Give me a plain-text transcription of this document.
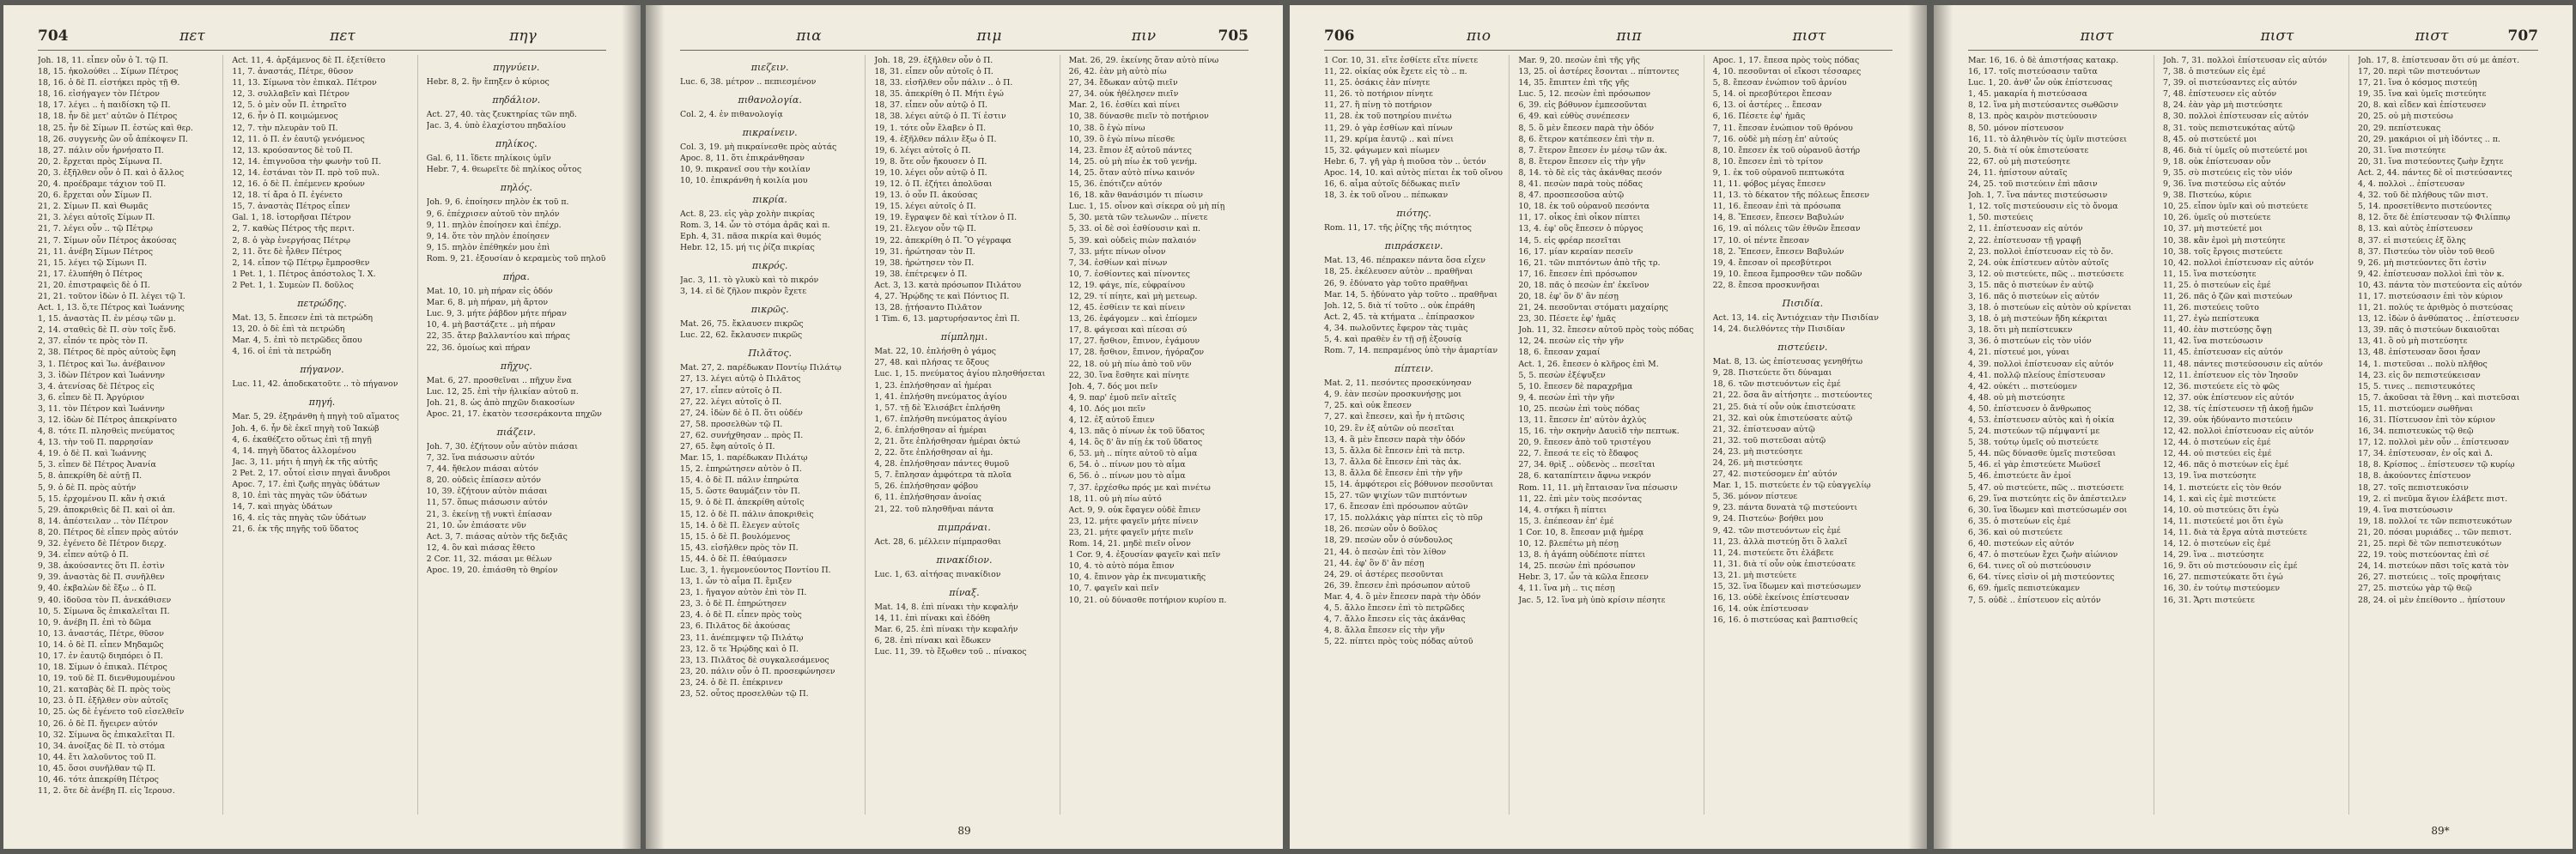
704	πετ	πετ	πηγ
Joh. 18, 11. εἶπεν οὖν ὁ Ἰ. τῷ Π.
18, 15. ἠκολούθει .. Σίμων Πέτρος
18, 16. ὁ δὲ Π. εἱστήκει πρὸς τῇ Θ.
18, 16. εἰσήγαγεν τὸν Πέτρον
18, 17. λέγει .. ἡ παιδίσκη τῷ Π.
18, 18. ἦν δὲ μετ' αὐτῶν ὁ Πέτρος
18, 25. ἦν δὲ Σίμων Π. ἑστὼς καὶ θερ.
18, 26. συγγενὴς ὢν οὗ ἀπέκοψεν Π.
18, 27. πάλιν οὖν ἠρνήσατο Π.
20, 2. ἔρχεται πρὸς Σίμωνα Π.
20, 3. ἐξῆλθεν οὖν ὁ Π. καὶ ὁ ἄλλος
20, 4. προέδραμε τάχιον τοῦ Π.
20, 6. ἔρχεται οὖν Σίμων Π.
21, 2. Σίμων Π. καὶ Θωμᾶς
21, 3. λέγει αὐτοῖς Σίμων Π.
21, 7. λέγει οὖν .. τῷ Πέτρῳ
21, 7. Σίμων οὖν Πέτρος ἀκούσας
21, 11. ἀνέβη Σίμων Πέτρος
21, 15. λέγει τῷ Σίμωνι Π.
21, 17. ἐλυπήθη ὁ Πέτρος
21, 20. ἐπιστραφεὶς δὲ ὁ Π.
21, 21. τοῦτον ἰδὼν ὁ Π. λέγει τῷ Ἰ.
Act. 1, 13. ὅ,τε Πέτρος καὶ Ἰωάννης
1, 15. ἀναστὰς Π. ἐν μέσῳ τῶν μ.
2, 14. σταθεὶς δὲ Π. σὺν τοῖς ἕνδ.
2, 37. εἶπόν τε πρὸς τὸν Π.
2, 38. Πέτρος δὲ πρὸς αὐτοὺς ἔφη
3, 1. Πέτρος καὶ Ἰω. ἀνέβαινον
3, 3. ἰδὼν Πέτρον καὶ Ἰωάννην
3, 4. ἀτενίσας δὲ Πέτρος εἰς
3, 6. εἶπεν δὲ Π. Ἀργύριον
3, 11. τὸν Πέτρον καὶ Ἰωάννην
3, 12. ἰδὼν δὲ Πέτρος ἀπεκρίνατο
4, 8. τότε Π. πλησθεὶς πνεύματος
4, 13. τὴν τοῦ Π. παρρησίαν
4, 19. ὁ δὲ Π. καὶ Ἰωάννης
5, 3. εἶπεν δὲ Πέτρος Ἀνανία
5, 8. ἀπεκρίθη δὲ αὐτῇ Π.
5, 9. ὁ δὲ Π. πρὸς αὐτήν
5, 15. ἐρχομένου Π. κἂν ἡ σκιά
5, 29. ἀποκριθεὶς δὲ Π. καὶ οἱ ἀπ.
8, 14. ἀπέστειλαν .. τὸν Πέτρον
8, 20. Πέτρος δὲ εἶπεν πρὸς αὐτόν
9, 32. ἐγένετο δὲ Πέτρον διερχ.
9, 34. εἶπεν αὐτῷ ὁ Π.
9, 38. ἀκούσαντες ὅτι Π. ἐστὶν
9, 39. ἀναστὰς δὲ Π. συνῆλθεν
9, 40. ἐκβαλὼν δὲ ἔξω .. ὁ Π.
9, 40. ἰδοῦσα τὸν Π. ἀνεκάθισεν
10, 5. Σίμωνα ὃς ἐπικαλεῖται Π.
10, 9. ἀνέβη Π. ἐπὶ τὸ δῶμα
10, 13. ἀναστάς, Πέτρε, θῦσον
10, 14. ὁ δὲ Π. εἶπεν Μηδαμῶς
10, 17. ἐν ἑαυτῷ διηπόρει ὁ Π.
10, 18. Σίμων ὁ ἐπικαλ. Πέτρος
10, 19. τοῦ δὲ Π. διενθυμουμένου
10, 21. καταβὰς δὲ Π. πρὸς τοὺς
10, 23. ὁ Π. ἐξῆλθεν σὺν αὐτοῖς
10, 25. ὡς δὲ ἐγένετο τοῦ εἰσελθεῖν
10, 26. ὁ δὲ Π. ἤγειρεν αὐτόν
10, 32. Σίμωνα ὃς ἐπικαλεῖται Π.
10, 34. ἀνοίξας δὲ Π. τὸ στόμα
10, 44. ἔτι λαλοῦντος τοῦ Π.
10, 45. ὅσοι συνῆλθαν τῷ Π.
10, 46. τότε ἀπεκρίθη Πέτρος
11, 2. ὅτε δὲ ἀνέβη Π. εἰς Ἱερουσ.
Act. 11, 4. ἀρξάμενος δὲ Π. ἐξετίθετο
11, 7. ἀναστάς, Πέτρε, θῦσον
11, 13. Σίμωνα τὸν ἐπικαλ. Πέτρον
12, 3. συλλαβεῖν καὶ Πέτρον
12, 5. ὁ μὲν οὖν Π. ἐτηρεῖτο
12, 6. ἦν ὁ Π. κοιμώμενος
12, 7. τὴν πλευρὰν τοῦ Π.
12, 11. ὁ Π. ἐν ἑαυτῷ γενόμενος
12, 13. κρούσαντος δὲ τοῦ Π.
12, 14. ἐπιγνοῦσα τὴν φωνὴν τοῦ Π.
12, 14. ἑστάναι τὸν Π. πρὸ τοῦ πυλ.
12, 16. ὁ δὲ Π. ἐπέμενεν κρούων
12, 18. τί ἄρα ὁ Π. ἐγένετο
15, 7. ἀναστὰς Πέτρος εἶπεν
Gal. 1, 18. ἱστορῆσαι Πέτρον
2, 7. καθὼς Πέτρος τῆς περιτ.
2, 8. ὁ γὰρ ἐνεργήσας Πέτρῳ
2, 11. ὅτε δὲ ἦλθεν Πέτρος
2, 14. εἶπον τῷ Πέτρῳ ἔμπροσθεν
1 Pet. 1, 1. Πέτρος ἀπόστολος Ἰ. Χ.
2 Pet. 1, 1. Συμεὼν Π. δοῦλος
πετρώδης.
Mat. 13, 5. ἔπεσεν ἐπὶ τὰ πετρώδη
13, 20. ὁ δὲ ἐπὶ τὰ πετρώδη
Mar. 4, 5. ἐπὶ τὸ πετρῶδες ὅπου
4, 16. οἱ ἐπὶ τὰ πετρώδη
πήγανον.
Luc. 11, 42. ἀποδεκατοῦτε .. τὸ πήγανον
πηγή.
Mar. 5, 29. ἐξηράνθη ἡ πηγὴ τοῦ αἵματος
Joh. 4, 6. ἦν δὲ ἐκεῖ πηγὴ τοῦ Ἰακώβ
4, 6. ἐκαθέζετο οὕτως ἐπὶ τῇ πηγῇ
4, 14. πηγὴ ὕδατος ἁλλομένου
Jac. 3, 11. μήτι ἡ πηγὴ ἐκ τῆς αὐτῆς
2 Pet. 2, 17. οὗτοί εἰσιν πηγαὶ ἄνυδροι
Apoc. 7, 17. ἐπὶ ζωῆς πηγὰς ὑδάτων
8, 10. ἐπὶ τὰς πηγὰς τῶν ὑδάτων
14, 7. καὶ πηγὰς ὑδάτων
16, 4. εἰς τὰς πηγὰς τῶν ὑδάτων
21, 6. ἐκ τῆς πηγῆς τοῦ ὕδατος
πηγνύειν.
Hebr. 8, 2. ἣν ἔπηξεν ὁ κύριος
πηδάλιον.
Act. 27, 40. τὰς ζευκτηρίας τῶν πηδ.
Jac. 3, 4. ὑπὸ ἐλαχίστου πηδαλίου
πηλίκος.
Gal. 6, 11. ἴδετε πηλίκοις ὑμῖν
Hebr. 7, 4. θεωρεῖτε δὲ πηλίκος οὗτος
πηλός.
Joh. 9, 6. ἐποίησεν πηλὸν ἐκ τοῦ π.
9, 6. ἐπέχρισεν αὐτοῦ τὸν πηλόν
9, 11. πηλὸν ἐποίησεν καὶ ἐπέχρ.
9, 14. ὅτε τὸν πηλὸν ἐποίησεν
9, 15. πηλὸν ἐπέθηκέν μου ἐπὶ
Rom. 9, 21. ἐξουσίαν ὁ κεραμεὺς τοῦ πηλοῦ
πήρα.
Mat. 10, 10. μὴ πήραν εἰς ὁδόν
Mar. 6, 8. μὴ πήραν, μὴ ἄρτον
Luc. 9, 3. μήτε ῥάβδον μήτε πήραν
10, 4. μὴ βαστάζετε .. μὴ πήραν
22, 35. ἄτερ βαλλαντίου καὶ πήρας
22, 36. ὁμοίως καὶ πήραν
πῆχυς.
Mat. 6, 27. προσθεῖναι .. πῆχυν ἕνα
Luc. 12, 25. ἐπὶ τὴν ἡλικίαν αὐτοῦ π.
Joh. 21, 8. ὡς ἀπὸ πηχῶν διακοσίων
Apoc. 21, 17. ἑκατὸν τεσσεράκοντα πηχῶν
πιάζειν.
Joh. 7, 30. ἐζήτουν οὖν αὐτὸν πιάσαι
7, 32. ἵνα πιάσωσιν αὐτόν
7, 44. ἤθελον πιάσαι αὐτόν
8, 20. οὐδεὶς ἐπίασεν αὐτόν
10, 39. ἐζήτουν αὐτὸν πιάσαι
11, 57. ὅπως πιάσωσιν αὐτόν
21, 3. ἐκείνῃ τῇ νυκτὶ ἐπίασαν
21, 10. ὧν ἐπιάσατε νῦν
Act. 3, 7. πιάσας αὐτὸν τῆς δεξιᾶς
12, 4. ὃν καὶ πιάσας ἔθετο
2 Cor. 11, 32. πιάσαι με θέλων
Apoc. 19, 20. ἐπιάσθη τὸ θηρίον
πια	πιμ	πιν	705
πιεζειν.
Luc. 6, 38. μέτρον .. πεπιεσμένον
πιθανολογία.
Col. 2, 4. ἐν πιθανολογίᾳ
πικραίνειν.
Col. 3, 19. μὴ πικραίνεσθε πρὸς αὐτάς
Apoc. 8, 11. ὅτι ἐπικράνθησαν
10, 9. πικρανεῖ σου τὴν κοιλίαν
10, 10. ἐπικράνθη ἡ κοιλία μου
πικρία.
Act. 8, 23. εἰς γὰρ χολὴν πικρίας
Rom. 3, 14. ὧν τὸ στόμα ἀρᾶς καὶ π.
Eph. 4, 31. πᾶσα πικρία καὶ θυμός
Hebr. 12, 15. μή τις ῥίζα πικρίας
πικρός.
Jac. 3, 11. τὸ γλυκὺ καὶ τὸ πικρόν
3, 14. εἰ δὲ ζῆλον πικρὸν ἔχετε
πικρῶς.
Mat. 26, 75. ἔκλαυσεν πικρῶς
Luc. 22, 62. ἔκλαυσεν πικρῶς
Πιλᾶτος.
Mat. 27, 2. παρέδωκαν Ποντίῳ Πιλάτῳ
27, 13. λέγει αὐτῷ ὁ Πιλᾶτος
27, 17. εἶπεν αὐτοῖς ὁ Π.
27, 22. λέγει αὐτοῖς ὁ Π.
27, 24. ἰδὼν δὲ ὁ Π. ὅτι οὐδέν
27, 58. προσελθὼν τῷ Π.
27, 62. συνήχθησαν .. πρὸς Π.
27, 65. ἔφη αὐτοῖς ὁ Π.
Mar. 15, 1. παρέδωκαν Πιλάτῳ
15, 2. ἐπηρώτησεν αὐτὸν ὁ Π.
15, 4. ὁ δὲ Π. πάλιν ἐπηρώτα
15, 5. ὥστε θαυμάζειν τὸν Π.
15, 9. ὁ δὲ Π. ἀπεκρίθη αὐτοῖς
15, 12. ὁ δὲ Π. πάλιν ἀποκριθεὶς
15, 14. ὁ δὲ Π. ἔλεγεν αὐτοῖς
15, 15. ὁ δὲ Π. βουλόμενος
15, 43. εἰσῆλθεν πρὸς τὸν Π.
15, 44. ὁ δὲ Π. ἐθαύμασεν
Luc. 3, 1. ἡγεμονεύοντος Ποντίου Π.
13, 1. ὧν τὸ αἷμα Π. ἔμιξεν
23, 1. ἤγαγον αὐτὸν ἐπὶ τὸν Π.
23, 3. ὁ δὲ Π. ἐπηρώτησεν
23, 4. ὁ δὲ Π. εἶπεν πρὸς τοὺς
23, 6. Πιλᾶτος δὲ ἀκούσας
23, 11. ἀνέπεμψεν τῷ Πιλάτῳ
23, 12. ὅ τε Ἡρῴδης καὶ ὁ Π.
23, 13. Πιλᾶτος δὲ συγκαλεσάμενος
23, 20. πάλιν οὖν ὁ Π. προσεφώνησεν
23, 24. ὁ δὲ Π. ἐπέκρινεν
23, 52. οὗτος προσελθὼν τῷ Π.
Joh. 18, 29. ἐξῆλθεν οὖν ὁ Π.
18, 31. εἶπεν οὖν αὐτοῖς ὁ Π.
18, 33. εἰσῆλθεν οὖν πάλιν .. ὁ Π.
18, 35. ἀπεκρίθη ὁ Π. Μήτι ἐγώ
18, 37. εἶπεν οὖν αὐτῷ ὁ Π.
18, 38. λέγει αὐτῷ ὁ Π. Τί ἐστιν
19, 1. τότε οὖν ἔλαβεν ὁ Π.
19, 4. ἐξῆλθεν πάλιν ἔξω ὁ Π.
19, 6. λέγει αὐτοῖς ὁ Π.
19, 8. ὅτε οὖν ἤκουσεν ὁ Π.
19, 10. λέγει οὖν αὐτῷ ὁ Π.
19, 12. ὁ Π. ἐζήτει ἀπολῦσαι
19, 13. ὁ οὖν Π. ἀκούσας
19, 15. λέγει αὐτοῖς ὁ Π.
19, 19. ἔγραψεν δὲ καὶ τίτλον ὁ Π.
19, 21. ἔλεγον οὖν τῷ Π.
19, 22. ἀπεκρίθη ὁ Π. Ὃ γέγραφα
19, 31. ἠρώτησαν τὸν Π.
19, 38. ἠρώτησεν τὸν Π.
19, 38. ἐπέτρεψεν ὁ Π.
Act. 3, 13. κατὰ πρόσωπον Πιλάτου
4, 27. Ἡρῴδης τε καὶ Πόντιος Π.
13, 28. ᾐτήσαντο Πιλᾶτον
1 Tim. 6, 13. μαρτυρήσαντος ἐπὶ Π.
πίμπλημι.
Mat. 22, 10. ἐπλήσθη ὁ γάμος
27, 48. καὶ πλήσας τε ὄξους
Luc. 1, 15. πνεύματος ἁγίου πλησθήσεται
1, 23. ἐπλήσθησαν αἱ ἡμέραι
1, 41. ἐπλήσθη πνεύματος ἁγίου
1, 57. τῇ δὲ Ἐλισάβετ ἐπλήσθη
1, 67. ἐπλήσθη πνεύματος ἁγίου
2, 6. ἐπλήσθησαν αἱ ἡμέραι
2, 21. ὅτε ἐπλήσθησαν ἡμέραι ὀκτώ
2, 22. ὅτε ἐπλήσθησαν αἱ ἡμ.
4, 28. ἐπλήσθησαν πάντες θυμοῦ
5, 7. ἔπλησαν ἀμφότερα τὰ πλοῖα
5, 26. ἐπλήσθησαν φόβου
6, 11. ἐπλήσθησαν ἀνοίας
21, 22. τοῦ πλησθῆναι πάντα
πιμπράναι.
Act. 28, 6. μέλλειν πίμπρασθαι
πινακίδιον.
Luc. 1, 63. αἰτήσας πινακίδιον
πίναξ.
Mat. 14, 8. ἐπὶ πίνακι τὴν κεφαλήν
14, 11. ἐπὶ πίνακι καὶ ἐδόθη
Mar. 6, 25. ἐπὶ πίνακι τὴν κεφαλήν
6, 28. ἐπὶ πίνακι καὶ ἔδωκεν
Luc. 11, 39. τὸ ἔξωθεν τοῦ .. πίνακος
Mat. 26, 29. ἐκείνης ὅταν αὐτὸ πίνω
26, 42. ἐὰν μὴ αὐτὸ πίω
27, 34. ἔδωκαν αὐτῷ πιεῖν
27, 34. οὐκ ἠθέλησεν πιεῖν
Mar. 2, 16. ἐσθίει καὶ πίνει
10, 38. δύνασθε πιεῖν τὸ ποτήριον
10, 38. ὃ ἐγὼ πίνω
10, 39. ὃ ἐγὼ πίνω πίεσθε
14, 23. ἔπιον ἐξ αὐτοῦ πάντες
14, 25. οὐ μὴ πίω ἐκ τοῦ γενήμ.
14, 25. ὅταν αὐτὸ πίνω καινόν
15, 36. ἐπότιζεν αὐτόν
16, 18. κἂν θανάσιμόν τι πίωσιν
Luc. 1, 15. οἶνον καὶ σίκερα οὐ μὴ πίῃ
5, 30. μετὰ τῶν τελωνῶν .. πίνετε
5, 33. οἱ δὲ σοὶ ἐσθίουσιν καὶ π.
5, 39. καὶ οὐδεὶς πιὼν παλαιόν
7, 33. μήτε πίνων οἶνον
7, 34. ἐσθίων καὶ πίνων
10, 7. ἐσθίοντες καὶ πίνοντες
12, 19. φάγε, πίε, εὐφραίνου
12, 29. τί πίητε, καὶ μὴ μετεωρ.
12, 45. ἐσθίειν τε καὶ πίνειν
13, 26. ἐφάγομεν .. καὶ ἐπίομεν
17, 8. φάγεσαι καὶ πίεσαι σύ
17, 27. ἤσθιον, ἔπινον, ἐγάμουν
17, 28. ἤσθιον, ἔπινον, ἠγόραζον
22, 18. οὐ μὴ πίω ἀπὸ τοῦ νῦν
22, 30. ἵνα ἔσθητε καὶ πίνητε
Joh. 4, 7. δός μοι πεῖν
4, 9. παρ' ἐμοῦ πεῖν αἰτεῖς
4, 10. Δός μοι πεῖν
4, 12. ἐξ αὐτοῦ ἔπιεν
4, 13. πᾶς ὁ πίνων ἐκ τοῦ ὕδατος
4, 14. ὃς δ' ἂν πίῃ ἐκ τοῦ ὕδατος
6, 53. μὴ .. πίητε αὐτοῦ τὸ αἷμα
6, 54. ὁ .. πίνων μου τὸ αἷμα
6, 56. ὁ .. πίνων μου τὸ αἷμα
7, 37. ἐρχέσθω πρός με καὶ πινέτω
18, 11. οὐ μὴ πίω αὐτό
Act. 9, 9. οὐκ ἔφαγεν οὐδὲ ἔπιεν
23, 12. μήτε φαγεῖν μήτε πίνειν
23, 21. μήτε φαγεῖν μήτε πιεῖν
Rom. 14, 21. μηδὲ πιεῖν οἶνον
1 Cor. 9, 4. ἐξουσίαν φαγεῖν καὶ πεῖν
10, 4. τὸ αὐτὸ πόμα ἔπιον
10, 4. ἔπινον γὰρ ἐκ πνευματικῆς
10, 7. φαγεῖν καὶ πεῖν
10, 21. οὐ δύνασθε ποτήριον κυρίου π.
89
706	πιο	πιπ	πιστ
1 Cor. 10, 31. εἴτε ἐσθίετε εἴτε πίνετε
11, 22. οἰκίας οὐκ ἔχετε εἰς τὸ .. π.
11, 25. ὁσάκις ἐὰν πίνητε
11, 26. τὸ ποτήριον πίνητε
11, 27. ἢ πίνῃ τὸ ποτήριον
11, 28. ἐκ τοῦ ποτηρίου πινέτω
11, 29. ὁ γὰρ ἐσθίων καὶ πίνων
11, 29. κρίμα ἑαυτῷ .. καὶ πίνει
15, 32. φάγωμεν καὶ πίωμεν
Hebr. 6, 7. γῆ γὰρ ἡ πιοῦσα τὸν .. ὑετόν
Apoc. 14, 10. καὶ αὐτὸς πίεται ἐκ τοῦ οἴνου
16, 6. αἷμα αὐτοῖς δέδωκας πιεῖν
18, 3. ἐκ τοῦ οἴνου .. πέπωκαν
πιότης.
Rom. 11, 17. τῆς ῥίζης τῆς πιότητος
πιπράσκειν.
Mat. 13, 46. πέπρακεν πάντα ὅσα εἶχεν
18, 25. ἐκέλευσεν αὐτὸν .. πραθῆναι
26, 9. ἐδύνατο γὰρ τοῦτο πραθῆναι
Mar. 14, 5. ἠδύνατο γὰρ τοῦτο .. πραθῆναι
Joh. 12, 5. διὰ τί τοῦτο .. οὐκ ἐπράθη
Act. 2, 45. τὰ κτήματα .. ἐπίπρασκον
4, 34. πωλοῦντες ἔφερον τὰς τιμὰς
5, 4. καὶ πραθὲν ἐν τῇ σῇ ἐξουσίᾳ
Rom. 7, 14. πεπραμένος ὑπὸ τὴν ἁμαρτίαν
πίπτειν.
Mat. 2, 11. πεσόντες προσεκύνησαν
4, 9. ἐὰν πεσὼν προσκυνήσῃς μοι
7, 25. καὶ οὐκ ἔπεσεν
7, 27. καὶ ἔπεσεν, καὶ ἦν ἡ πτῶσις
10, 29. ἓν ἐξ αὐτῶν οὐ πεσεῖται
13, 4. ἃ μὲν ἔπεσεν παρὰ τὴν ὁδόν
13, 5. ἄλλα δὲ ἔπεσεν ἐπὶ τὰ πετρ.
13, 7. ἄλλα δὲ ἔπεσεν ἐπὶ τὰς ἀκ.
13, 8. ἄλλα δὲ ἔπεσεν ἐπὶ τὴν γῆν
15, 14. ἀμφότεροι εἰς βόθυνον πεσοῦνται
15, 27. τῶν ψιχίων τῶν πιπτόντων
17, 6. ἔπεσαν ἐπὶ πρόσωπον αὐτῶν
17, 15. πολλάκις γὰρ πίπτει εἰς τὸ πῦρ
18, 26. πεσὼν οὖν ὁ δοῦλος
18, 29. πεσὼν οὖν ὁ σύνδουλος
21, 44. ὁ πεσὼν ἐπὶ τὸν λίθον
21, 44. ἐφ' ὃν δ' ἂν πέσῃ
24, 29. οἱ ἀστέρες πεσοῦνται
26, 39. ἔπεσεν ἐπὶ πρόσωπον αὐτοῦ
Mar. 4, 4. ὃ μὲν ἔπεσεν παρὰ τὴν ὁδόν
4, 5. ἄλλο ἔπεσεν ἐπὶ τὸ πετρῶδες
4, 7. ἄλλο ἔπεσεν εἰς τὰς ἀκάνθας
4, 8. ἄλλα ἔπεσεν εἰς τὴν γῆν
5, 22. πίπτει πρὸς τοὺς πόδας αὐτοῦ
Mar. 9, 20. πεσὼν ἐπὶ τῆς γῆς
13, 25. οἱ ἀστέρες ἔσονται .. πίπτοντες
14, 35. ἔπιπτεν ἐπὶ τῆς γῆς
Luc. 5, 12. πεσὼν ἐπὶ πρόσωπον
6, 39. εἰς βόθυνον ἐμπεσοῦνται
6, 49. καὶ εὐθὺς συνέπεσεν
8, 5. ὃ μὲν ἔπεσεν παρὰ τὴν ὁδόν
8, 6. ἕτερον κατέπεσεν ἐπὶ τὴν π.
8, 7. ἕτερον ἔπεσεν ἐν μέσῳ τῶν ἀκ.
8, 8. ἕτερον ἔπεσεν εἰς τὴν γῆν
8, 14. τὸ δὲ εἰς τὰς ἀκάνθας πεσόν
8, 41. πεσὼν παρὰ τοὺς πόδας
8, 47. προσπεσοῦσα αὐτῷ
10, 18. ἐκ τοῦ οὐρανοῦ πεσόντα
11, 17. οἶκος ἐπὶ οἶκον πίπτει
13, 4. ἐφ' οὓς ἔπεσεν ὁ πύργος
14, 5. εἰς φρέαρ πεσεῖται
16, 17. μίαν κεραίαν πεσεῖν
16, 21. τῶν πιπτόντων ἀπὸ τῆς τρ.
17, 16. ἔπεσεν ἐπὶ πρόσωπον
20, 18. πᾶς ὁ πεσὼν ἐπ' ἐκεῖνον
20, 18. ἐφ' ὃν δ' ἂν πέσῃ
21, 24. πεσοῦνται στόματι μαχαίρης
23, 30. Πέσετε ἐφ' ἡμᾶς
Joh. 11, 32. ἔπεσεν αὐτοῦ πρὸς τοὺς πόδας
12, 24. πεσὼν εἰς τὴν γῆν
18, 6. ἔπεσαν χαμαί
Act. 1, 26. ἔπεσεν ὁ κλῆρος ἐπὶ Μ.
5, 5. πεσὼν ἐξέψυξεν
5, 10. ἔπεσεν δὲ παραχρῆμα
9, 4. πεσὼν ἐπὶ τὴν γῆν
10, 25. πεσὼν ἐπὶ τοὺς πόδας
13, 11. ἔπεσεν ἐπ' αὐτὸν ἀχλύς
15, 16. τὴν σκηνὴν Δαυεὶδ τὴν πεπτωκ.
20, 9. ἔπεσεν ἀπὸ τοῦ τριστέγου
22, 7. ἔπεσά τε εἰς τὸ ἔδαφος
27, 34. θρὶξ .. οὐδενὸς .. πεσεῖται
28, 6. καταπίπτειν ἄφνω νεκρόν
Rom. 11, 11. μὴ ἔπταισαν ἵνα πέσωσιν
11, 22. ἐπὶ μὲν τοὺς πεσόντας
14, 4. στήκει ἢ πίπτει
15, 3. ἐπέπεσαν ἐπ' ἐμέ
1 Cor. 10, 8. ἔπεσαν μιᾷ ἡμέρᾳ
10, 12. βλεπέτω μὴ πέσῃ
13, 8. ἡ ἀγάπη οὐδέποτε πίπτει
14, 25. πεσὼν ἐπὶ πρόσωπον
Hebr. 3, 17. ὧν τὰ κῶλα ἔπεσεν
4, 11. ἵνα μὴ .. τις πέσῃ
Jac. 5, 12. ἵνα μὴ ὑπὸ κρίσιν πέσητε
Apoc. 1, 17. ἔπεσα πρὸς τοὺς πόδας
4, 10. πεσοῦνται οἱ εἴκοσι τέσσαρες
5, 8. ἔπεσαν ἐνώπιον τοῦ ἀρνίου
5, 14. οἱ πρεσβύτεροι ἔπεσαν
6, 13. οἱ ἀστέρες .. ἔπεσαν
6, 16. Πέσετε ἐφ' ἡμᾶς
7, 11. ἔπεσαν ἐνώπιον τοῦ θρόνου
7, 16. οὐδὲ μὴ πέσῃ ἐπ' αὐτούς
8, 10. ἔπεσεν ἐκ τοῦ οὐρανοῦ ἀστήρ
8, 10. ἔπεσεν ἐπὶ τὸ τρίτον
9, 1. ἐκ τοῦ οὐρανοῦ πεπτωκότα
11, 11. φόβος μέγας ἔπεσεν
11, 13. τὸ δέκατον τῆς πόλεως ἔπεσεν
11, 16. ἔπεσαν ἐπὶ τὰ πρόσωπα
14, 8. Ἔπεσεν, ἔπεσεν Βαβυλών
16, 19. αἱ πόλεις τῶν ἐθνῶν ἔπεσαν
17, 10. οἱ πέντε ἔπεσαν
18, 2. Ἔπεσεν, ἔπεσεν Βαβυλών
19, 4. ἔπεσαν οἱ πρεσβύτεροι
19, 10. ἔπεσα ἔμπροσθεν τῶν ποδῶν
22, 8. ἔπεσα προσκυνῆσαι
Πισιδία.
Act. 13, 14. εἰς Ἀντιόχειαν τὴν Πισιδίαν
14, 24. διελθόντες τὴν Πισιδίαν
πιστεύειν.
Mat. 8, 13. ὡς ἐπίστευσας γενηθήτω
9, 28. Πιστεύετε ὅτι δύναμαι
18, 6. τῶν πιστευόντων εἰς ἐμέ
21, 22. ὅσα ἂν αἰτήσητε .. πιστεύοντες
21, 25. διὰ τί οὖν οὐκ ἐπιστεύσατε
21, 32. καὶ οὐκ ἐπιστεύσατε αὐτῷ
21, 32. ἐπίστευσαν αὐτῷ
21, 32. τοῦ πιστεῦσαι αὐτῷ
24, 23. μὴ πιστεύσητε
24, 26. μὴ πιστεύσητε
27, 42. πιστεύσομεν ἐπ' αὐτόν
Mar. 1, 15. πιστεύετε ἐν τῷ εὐαγγελίῳ
5, 36. μόνον πίστευε
9, 23. πάντα δυνατὰ τῷ πιστεύοντι
9, 24. Πιστεύω· βοήθει μου
9, 42. τῶν πιστευόντων εἰς ἐμέ
11, 23. ἀλλὰ πιστεύῃ ὅτι ὃ λαλεῖ
11, 24. πιστεύετε ὅτι ἐλάβετε
11, 31. διὰ τί οὖν οὐκ ἐπιστεύσατε
13, 21. μὴ πιστεύετε
15, 32. ἵνα ἴδωμεν καὶ πιστεύσωμεν
16, 13. οὐδὲ ἐκείνοις ἐπίστευσαν
16, 14. οὐκ ἐπίστευσαν
16, 16. ὁ πιστεύσας καὶ βαπτισθείς
πιστ	πιστ	πιστ	707
Mar. 16, 16. ὁ δὲ ἀπιστήσας κατακρ.
16, 17. τοῖς πιστεύσασιν ταῦτα
Luc. 1, 20. ἀνθ' ὧν οὐκ ἐπίστευσας
1, 45. μακαρία ἡ πιστεύσασα
8, 12. ἵνα μὴ πιστεύσαντες σωθῶσιν
8, 13. πρὸς καιρὸν πιστεύουσιν
8, 50. μόνον πίστευσον
16, 11. τὸ ἀληθινὸν τίς ὑμῖν πιστεύσει
20, 5. διὰ τί οὐκ ἐπιστεύσατε
22, 67. οὐ μὴ πιστεύσητε
24, 11. ἠπίστουν αὐταῖς
24, 25. τοῦ πιστεύειν ἐπὶ πᾶσιν
Joh. 1, 7. ἵνα πάντες πιστεύσωσιν
1, 12. τοῖς πιστεύουσιν εἰς τὸ ὄνομα
1, 50. πιστεύεις
2, 11. ἐπίστευσαν εἰς αὐτόν
2, 22. ἐπίστευσαν τῇ γραφῇ
2, 23. πολλοὶ ἐπίστευσαν εἰς τὸ ὄν.
2, 24. οὐκ ἐπίστευεν αὐτὸν αὐτοῖς
3, 12. οὐ πιστεύετε, πῶς .. πιστεύσετε
3, 15. πᾶς ὁ πιστεύων ἐν αὐτῷ
3, 16. πᾶς ὁ πιστεύων εἰς αὐτόν
3, 18. ὁ πιστεύων εἰς αὐτὸν οὐ κρίνεται
3, 18. ὁ μὴ πιστεύων ἤδη κέκριται
3, 18. ὅτι μὴ πεπίστευκεν
3, 36. ὁ πιστεύων εἰς τὸν υἱόν
4, 21. πίστευέ μοι, γύναι
4, 39. πολλοὶ ἐπίστευσαν εἰς αὐτόν
4, 41. πολλῷ πλείους ἐπίστευσαν
4, 42. οὐκέτι .. πιστεύομεν
4, 48. οὐ μὴ πιστεύσητε
4, 50. ἐπίστευσεν ὁ ἄνθρωπος
4, 53. ἐπίστευσεν αὐτὸς καὶ ἡ οἰκία
5, 24. πιστεύων τῷ πέμψαντί με
5, 38. τούτῳ ὑμεῖς οὐ πιστεύετε
5, 44. πῶς δύνασθε ὑμεῖς πιστεῦσαι
5, 46. εἰ γὰρ ἐπιστεύετε Μωϋσεῖ
5, 46. ἐπιστεύετε ἂν ἐμοί
5, 47. οὐ πιστεύετε, πῶς .. πιστεύσετε
6, 29. ἵνα πιστεύητε εἰς ὃν ἀπέστειλεν
6, 30. ἵνα ἴδωμεν καὶ πιστεύσωμέν σοι
6, 35. ὁ πιστεύων εἰς ἐμέ
6, 36. καὶ οὐ πιστεύετε
6, 40. πιστεύων εἰς αὐτόν
6, 47. ὁ πιστεύων ἔχει ζωὴν αἰώνιον
6, 64. τινες οἳ οὐ πιστεύουσιν
6, 64. τίνες εἰσὶν οἱ μὴ πιστεύοντες
6, 69. ἡμεῖς πεπιστεύκαμεν
7, 5. οὐδὲ .. ἐπίστευον εἰς αὐτόν
Joh. 7, 31. πολλοὶ ἐπίστευσαν εἰς αὐτόν
7, 38. ὁ πιστεύων εἰς ἐμέ
7, 39. οἱ πιστεύσαντες εἰς αὐτόν
7, 48. ἐπίστευσεν εἰς αὐτόν
8, 24. ἐὰν γὰρ μὴ πιστεύσητε
8, 30. πολλοὶ ἐπίστευσαν εἰς αὐτόν
8, 31. τοὺς πεπιστευκότας αὐτῷ
8, 45. οὐ πιστεύετέ μοι
8, 46. διὰ τί ὑμεῖς οὐ πιστεύετέ μοι
9, 18. οὐκ ἐπίστευσαν οὖν
9, 35. σὺ πιστεύεις εἰς τὸν υἱόν
9, 36. ἵνα πιστεύσω εἰς αὐτόν
9, 38. Πιστεύω, κύριε
10, 25. εἶπον ὑμῖν καὶ οὐ πιστεύετε
10, 26. ὑμεῖς οὐ πιστεύετε
10, 37. μὴ πιστεύετέ μοι
10, 38. κἂν ἐμοὶ μὴ πιστεύητε
10, 38. τοῖς ἔργοις πιστεύετε
10, 42. πολλοὶ ἐπίστευσαν εἰς αὐτόν
11, 15. ἵνα πιστεύσητε
11, 25. ὁ πιστεύων εἰς ἐμέ
11, 26. πᾶς ὁ ζῶν καὶ πιστεύων
11, 26. πιστεύεις τοῦτο
11, 27. ἐγὼ πεπίστευκα
11, 40. ἐὰν πιστεύσῃς ὄψῃ
11, 42. ἵνα πιστεύσωσιν
11, 45. ἐπίστευσαν εἰς αὐτόν
11, 48. πάντες πιστεύσουσιν εἰς αὐτόν
12, 11. ἐπίστευον εἰς τὸν Ἰησοῦν
12, 36. πιστεύετε εἰς τὸ φῶς
12, 37. οὐκ ἐπίστευον εἰς αὐτόν
12, 38. τίς ἐπίστευσεν τῇ ἀκοῇ ἡμῶν
12, 39. οὐκ ἠδύναντο πιστεύειν
12, 42. πολλοὶ ἐπίστευσαν εἰς αὐτόν
12, 44. ὁ πιστεύων εἰς ἐμέ
12, 44. οὐ πιστεύει εἰς ἐμέ
12, 46. πᾶς ὁ πιστεύων εἰς ἐμέ
13, 19. ἵνα πιστεύσητε
14, 1. πιστεύετε εἰς τὸν θεόν
14, 1. καὶ εἰς ἐμὲ πιστεύετε
14, 10. οὐ πιστεύεις ὅτι ἐγὼ
14, 11. πιστεύετέ μοι ὅτι ἐγὼ
14, 11. διὰ τὰ ἔργα αὐτὰ πιστεύετε
14, 12. ὁ πιστεύων εἰς ἐμέ
14, 29. ἵνα .. πιστεύσητε
16, 9. ὅτι οὐ πιστεύουσιν εἰς ἐμέ
16, 27. πεπιστεύκατε ὅτι ἐγώ
16, 30. ἐν τούτῳ πιστεύομεν
16, 31. Ἄρτι πιστεύετε
Joh. 17, 8. ἐπίστευσαν ὅτι σύ με ἀπέστ.
17, 20. περὶ τῶν πιστευόντων
17, 21. ἵνα ὁ κόσμος πιστεύῃ
19, 35. ἵνα καὶ ὑμεῖς πιστεύητε
20, 8. καὶ εἶδεν καὶ ἐπίστευσεν
20, 25. οὐ μὴ πιστεύσω
20, 29. πεπίστευκας
20, 29. μακάριοι οἱ μὴ ἰδόντες .. π.
20, 31. ἵνα πιστεύητε
20, 31. ἵνα πιστεύοντες ζωὴν ἔχητε
Act. 2, 44. πάντες δὲ οἱ πιστεύσαντες
4, 4. πολλοὶ .. ἐπίστευσαν
4, 32. τοῦ δὲ πλήθους τῶν πιστ.
5, 14. προσετίθεντο πιστεύοντες
8, 12. ὅτε δὲ ἐπίστευσαν τῷ Φιλίππῳ
8, 13. καὶ αὐτὸς ἐπίστευσεν
8, 37. εἰ πιστεύεις ἐξ ὅλης
8, 37. Πιστεύω τὸν υἱὸν τοῦ θεοῦ
9, 26. μὴ πιστεύοντες ὅτι ἐστὶν
9, 42. ἐπίστευσαν πολλοὶ ἐπὶ τὸν κ.
10, 43. πάντα τὸν πιστεύοντα εἰς αὐτόν
11, 17. πιστεύσασιν ἐπὶ τὸν κύριον
11, 21. πολύς τε ἀριθμὸς ὁ πιστεύσας
13, 12. ἰδὼν ὁ ἀνθύπατος .. ἐπίστευσεν
13, 39. πᾶς ὁ πιστεύων δικαιοῦται
13, 41. ὃ οὐ μὴ πιστεύσητε
13, 48. ἐπίστευσαν ὅσοι ἦσαν
14, 1. πιστεῦσαι .. πολὺ πλῆθος
14, 23. εἰς ὃν πεπιστεύκεισαν
15, 5. τινες .. πεπιστευκότες
15, 7. ἀκοῦσαι τὰ ἔθνη .. καὶ πιστεῦσαι
15, 11. πιστεύομεν σωθῆναι
16, 31. Πίστευσον ἐπὶ τὸν κύριον
16, 34. πεπιστευκὼς τῷ θεῷ
17, 12. πολλοὶ μὲν οὖν .. ἐπίστευσαν
17, 34. ἐπίστευσαν, ἐν οἷς καὶ Δ.
18, 8. Κρίσπος .. ἐπίστευσεν τῷ κυρίῳ
18, 8. ἀκούοντες ἐπίστευον
18, 27. τοῖς πεπιστευκόσιν
19, 2. εἰ πνεῦμα ἅγιον ἐλάβετε πιστ.
19, 4. ἵνα πιστεύσωσιν
19, 18. πολλοί τε τῶν πεπιστευκότων
21, 20. πόσαι μυριάδες .. τῶν πεπιστ.
21, 25. περὶ δὲ τῶν πεπιστευκότων
22, 19. τοὺς πιστεύοντας ἐπὶ σέ
24, 14. πιστεύων πᾶσι τοῖς κατὰ τὸν
26, 27. πιστεύεις .. τοῖς προφήταις
27, 25. πιστεύω γὰρ τῷ θεῷ
28, 24. οἱ μὲν ἐπείθοντο .. ἠπίστουν
89*
